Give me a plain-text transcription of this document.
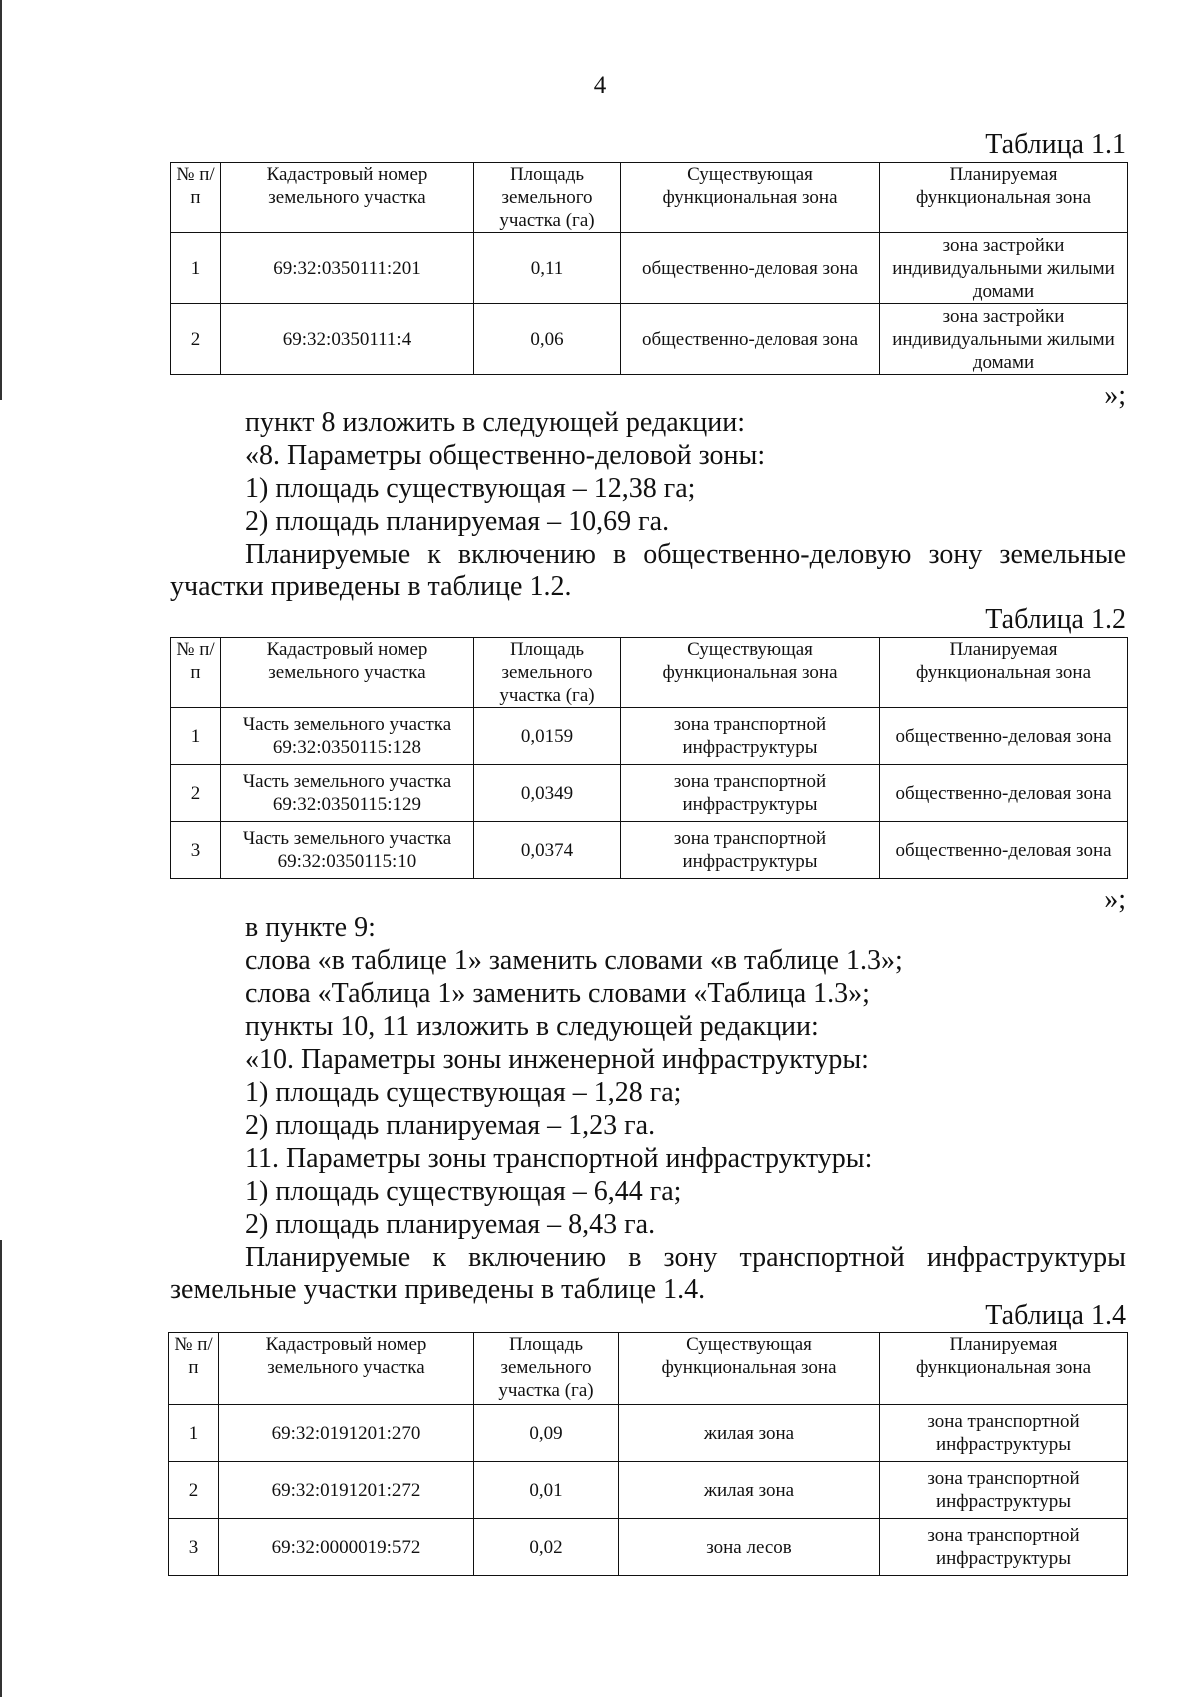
4
Таблица 1.1
№ п/п	Кадастровый номер земельного участка	Площадь земельного участка (га)	Существующая функциональная зона	Планируемая функциональная зона
1	69:32:0350111:201	0,11	общественно-деловая зона	зона застройки индивидуальными жилыми домами
2	69:32:0350111:4	0,06	общественно-деловая зона	зона застройки индивидуальными жилыми домами
»;
пункт 8 изложить в следующей редакции:
«8. Параметры общественно-деловой зоны:
1) площадь существующая – 12,38 га;
2) площадь планируемая – 10,69 га.
Планируемые к включению в общественно-деловую зону земельные участки приведены в таблице 1.2.
Таблица 1.2
№ п/п	Кадастровый номер земельного участка	Площадь земельного участка (га)	Существующая функциональная зона	Планируемая функциональная зона
1	Часть земельного участка 69:32:0350115:128	0,0159	зона транспортной инфраструктуры	общественно-деловая зона
2	Часть земельного участка 69:32:0350115:129	0,0349	зона транспортной инфраструктуры	общественно-деловая зона
3	Часть земельного участка 69:32:0350115:10	0,0374	зона транспортной инфраструктуры	общественно-деловая зона
»;
в пункте 9:
слова «в таблице 1» заменить словами «в таблице 1.3»;
слова «Таблица 1» заменить словами «Таблица 1.3»;
пункты 10, 11 изложить в следующей редакции:
«10. Параметры зоны инженерной инфраструктуры:
1) площадь существующая – 1,28 га;
2) площадь планируемая – 1,23 га.
11. Параметры зоны транспортной инфраструктуры:
1) площадь существующая – 6,44 га;
2) площадь планируемая – 8,43 га.
Планируемые к включению в зону транспортной инфраструктуры земельные участки приведены в таблице 1.4.
Таблица 1.4
№ п/п	Кадастровый номер земельного участка	Площадь земельного участка (га)	Существующая функциональная зона	Планируемая функциональная зона
1	69:32:0191201:270	0,09	жилая зона	зона транспортной инфраструктуры
2	69:32:0191201:272	0,01	жилая зона	зона транспортной инфраструктуры
3	69:32:0000019:572	0,02	зона лесов	зона транспортной инфраструктуры
